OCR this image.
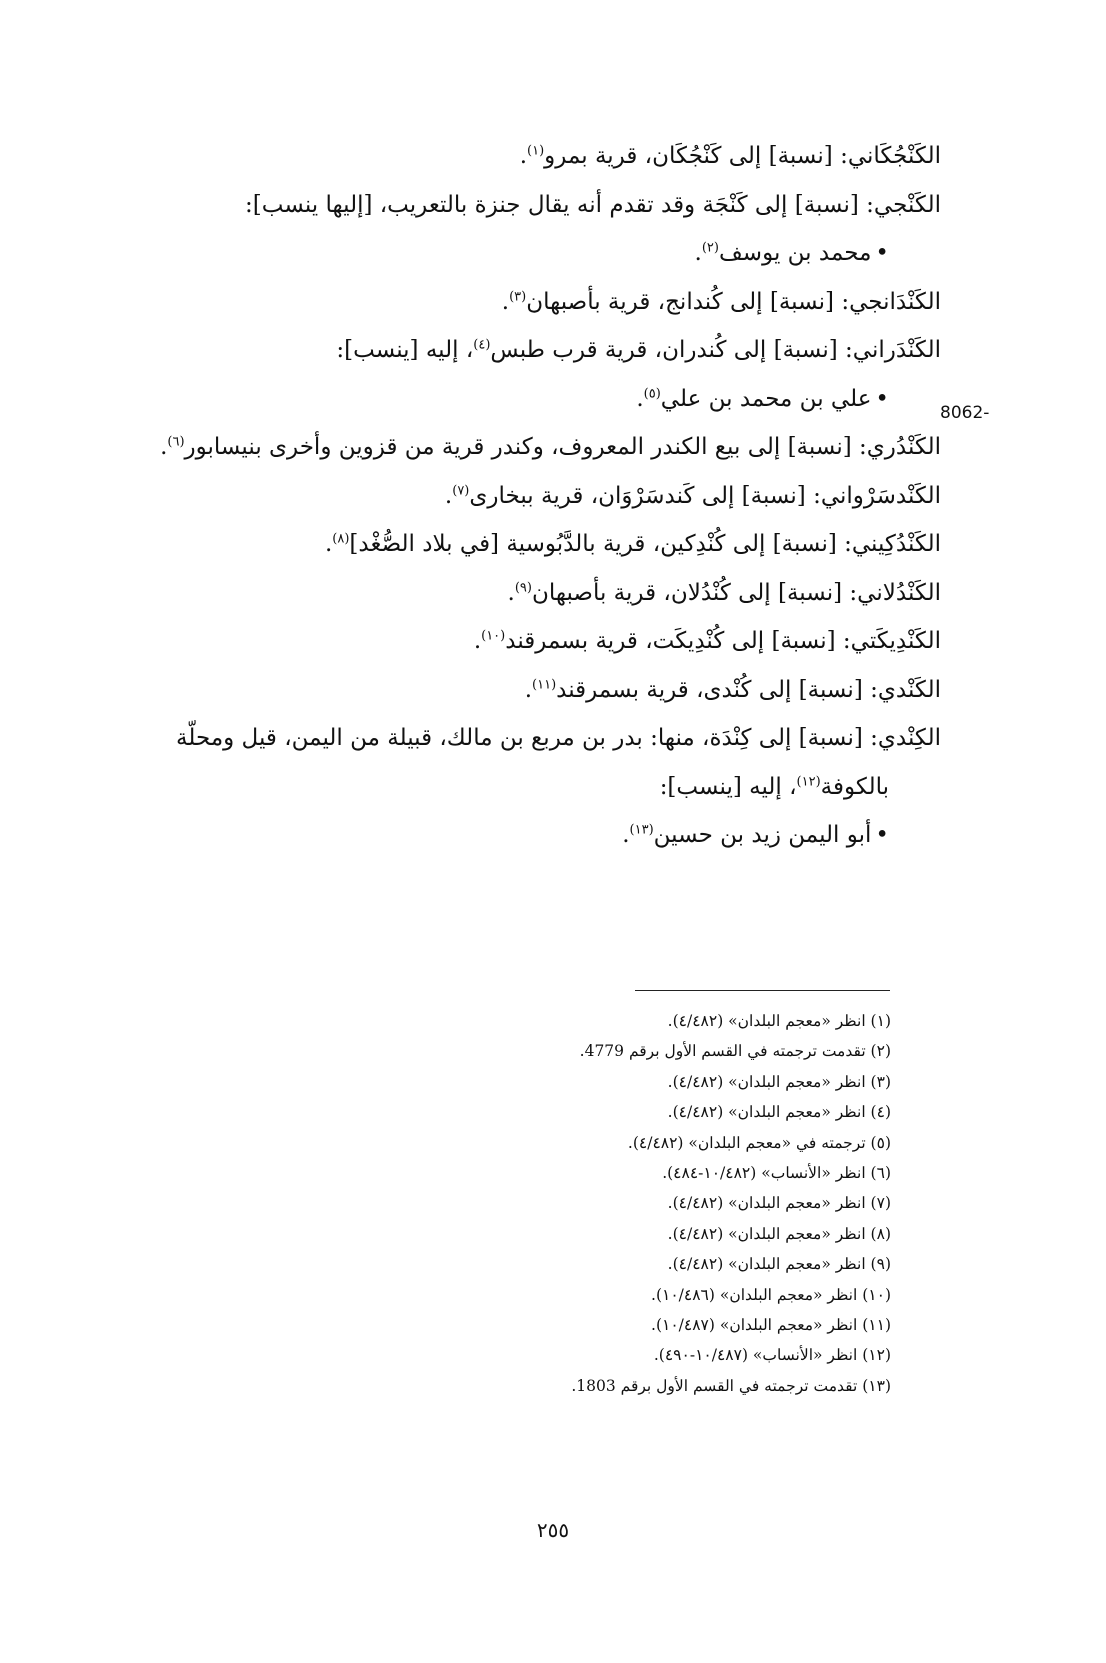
الكَنْجُكَاني: [نسبة] إلى كَنْجُكَان، قرية بمرو$^{(١)}$.

الكَنْجي: [نسبة] إلى كَنْجَة وقد تقدم أنه يقال جنزة بالتعريب، [إليها ينسب]:

• محمد بن يوسف$^{(٢)}$.

الكَنْدَانجي: [نسبة] إلى كُندانج، قرية بأصبهان$^{(٣)}$.

الكَنْدَراني: [نسبة] إلى كُندران، قرية قرب طبس$^{(٤)}$، إليه [ينسب]:

• علي بن محمد بن علي$^{(٥)}$.

الكَنْدُري: [نسبة] إلى بيع الكندر المعروف، وكندر قرية من قزوين وأخرى بنيسابور$^{(٦)}$.

الكَنْدسَرْواني: [نسبة] إلى كَندسَرْوَان، قرية ببخارى$^{(٧)}$.

الكَنْدُكِيني: [نسبة] إلى كُنْدِكين، قرية بالدَّبُوسية [في بلاد الصُّغْد]$^{(٨)}$.

الكَنْدُلاني: [نسبة] إلى كُنْدُلان، قرية بأصبهان$^{(٩)}$.

الكَنْدِيكَتي: [نسبة] إلى كُنْدِيكَت، قرية بسمرقند$^{(١٠)}$.

الكَنْدي: [نسبة] إلى كُنْدى، قرية بسمرقند$^{(١١)}$.

الكِنْدي: [نسبة] إلى كِنْدَة، منها: بدر بن مربع بن مالك، قبيلة من اليمن، قيل ومحلّة

بالكوفة$^{(١٢)}$، إليه [ينسب]:

• أبو اليمن زيد بن حسين$^{(١٣)}$.

8062-

(١) انظر «معجم البلدان» (٤/٤٨٢).

(٢) تقدمت ترجمته في القسم الأول برقم 4779.

(٣) انظر «معجم البلدان» (٤/٤٨٢).

(٤) انظر «معجم البلدان» (٤/٤٨٢).

(٥) ترجمته في «معجم البلدان» (٤/٤٨٢).

(٦) انظر «الأنساب» (١٠/٤٨٢-٤٨٤).

(٧) انظر «معجم البلدان» (٤/٤٨٢).

(٨) انظر «معجم البلدان» (٤/٤٨٢).

(٩) انظر «معجم البلدان» (٤/٤٨٢).

(١٠) انظر «معجم البلدان» (١٠/٤٨٦).

(١١) انظر «معجم البلدان» (١٠/٤٨٧).

(١٢) انظر «الأنساب» (١٠/٤٨٧-٤٩٠).

(١٣) تقدمت ترجمته في القسم الأول برقم 1803.

٢٥٥
